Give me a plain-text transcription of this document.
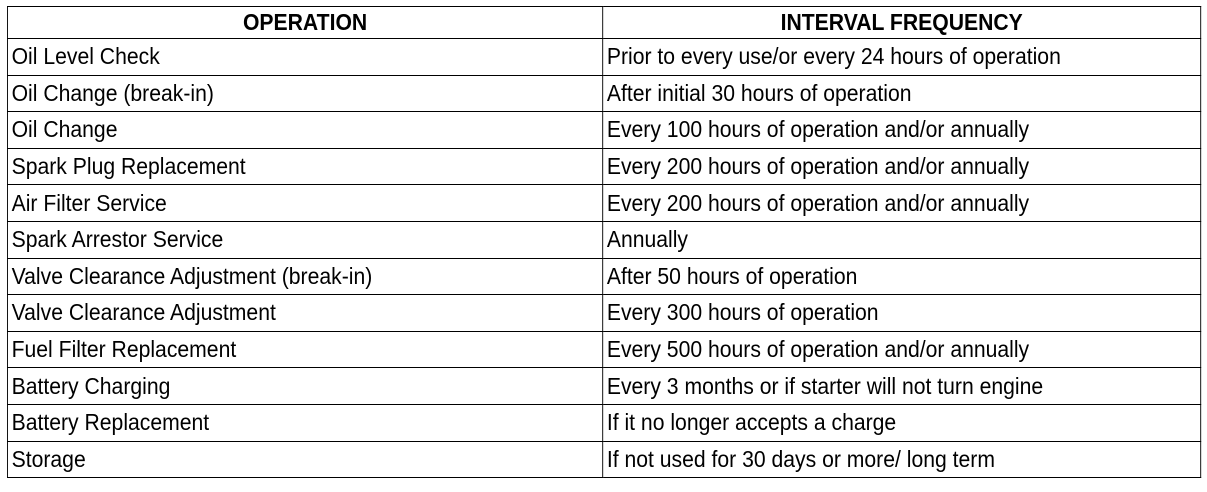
OPERATION	INTERVAL FREQUENCY
Oil Level Check	Prior to every use/or every 24 hours of operation
Oil Change (break-in)	After initial 30 hours of operation
Oil Change	Every 100 hours of operation and/or annually
Spark Plug Replacement	Every 200 hours of operation and/or annually
Air Filter Service	Every 200 hours of operation and/or annually
Spark Arrestor Service	Annually
Valve Clearance Adjustment (break-in)	After 50 hours of operation
Valve Clearance Adjustment	Every 300 hours of operation
Fuel Filter Replacement	Every 500 hours of operation and/or annually
Battery Charging	Every 3 months or if starter will not turn engine
Battery Replacement	If it no longer accepts a charge
Storage	If not used for 30 days or more/ long term
